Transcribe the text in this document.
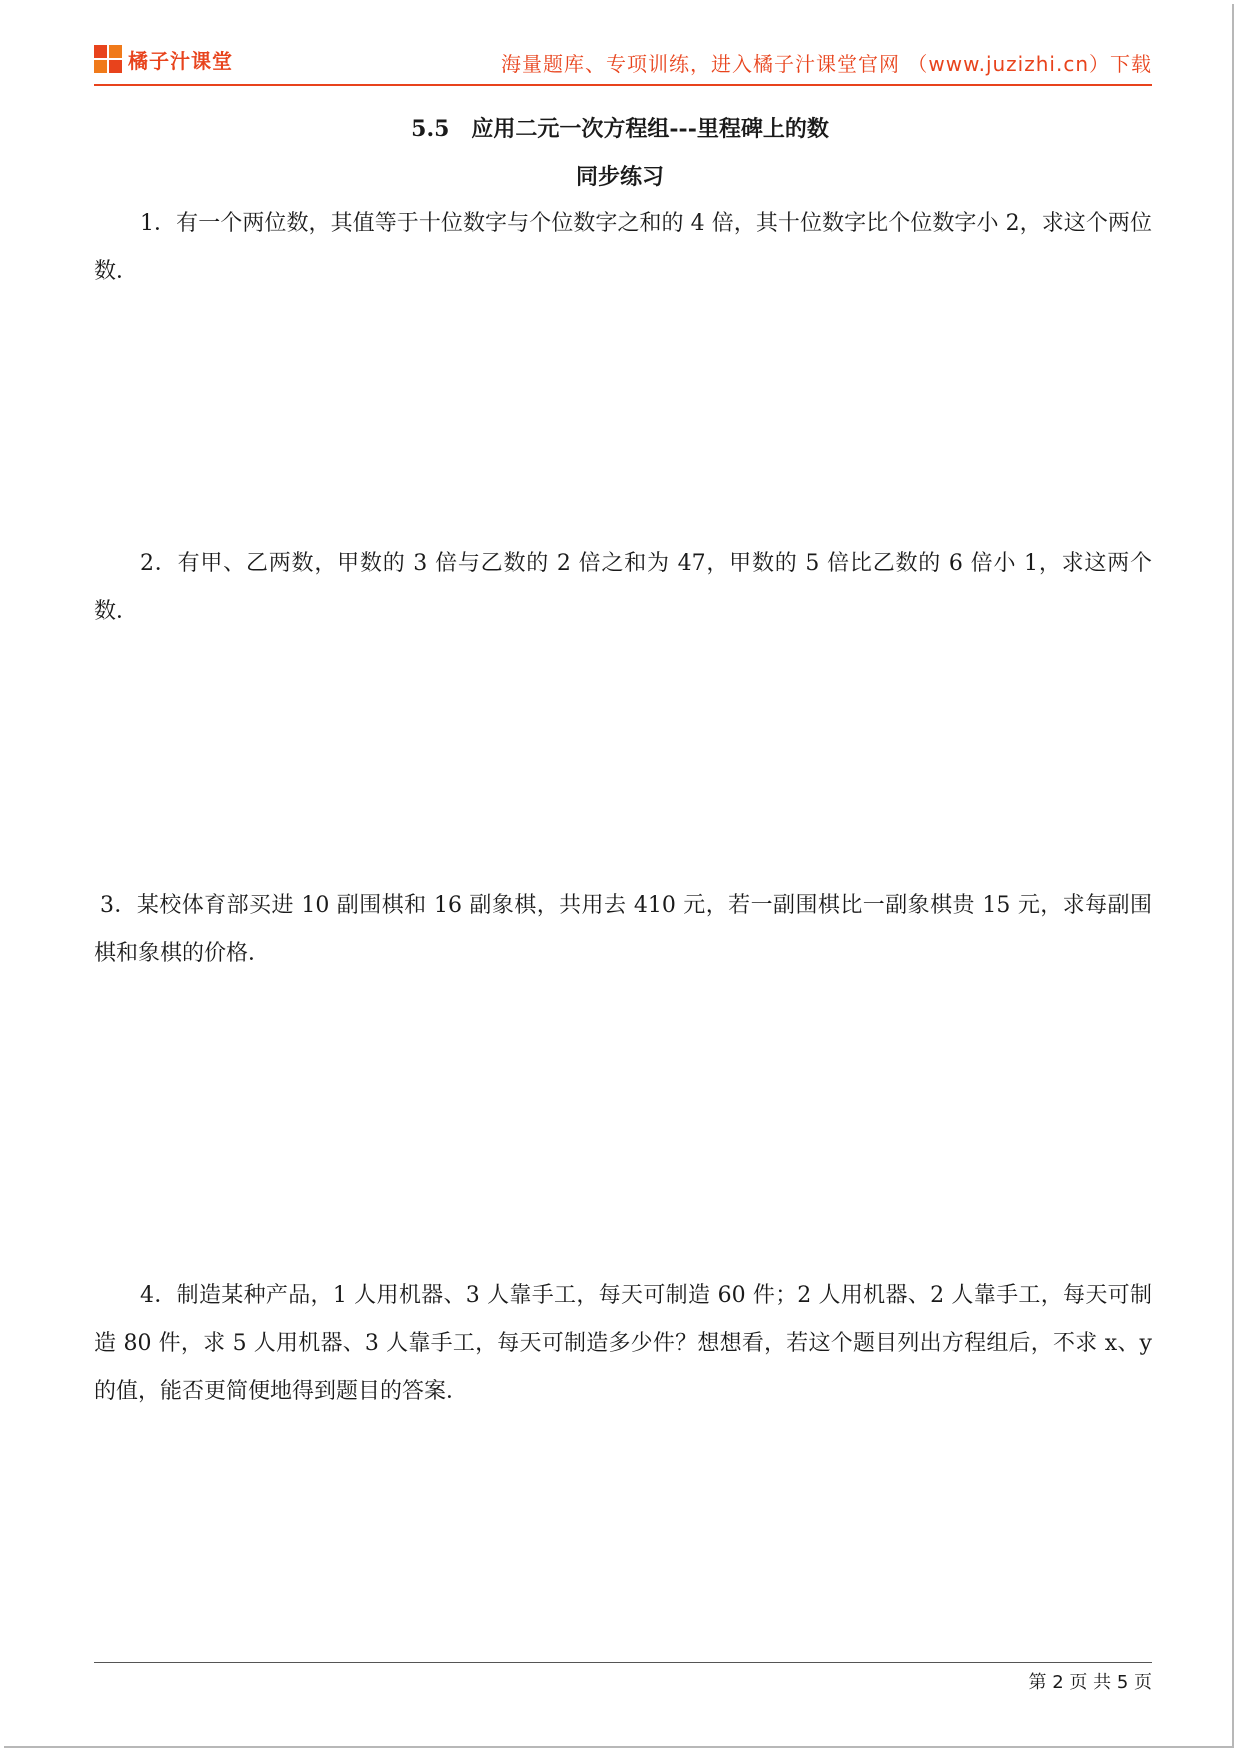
橘子汁课堂	海量题库、专项训练，进入橘子汁课堂官网 （www.juzizhi.cn）下载
5.5　应用二元一次方程组---里程碑上的数
同步练习
1．有一个两位数，其值等于十位数字与个位数字之和的 4 倍，其十位数字比个位数字小 2，求这个两位数．
2．有甲、乙两数，甲数的 3 倍与乙数的 2 倍之和为 47，甲数的 5 倍比乙数的 6 倍小 1，求这两个数．
3．某校体育部买进 10 副围棋和 16 副象棋，共用去 410 元，若一副围棋比一副象棋贵 15 元，求每副围棋和象棋的价格．
4．制造某种产品，1 人用机器、3 人靠手工，每天可制造 60 件；2 人用机器、2 人靠手工，每天可制造 80 件，求 5 人用机器、3 人靠手工，每天可制造多少件？想想看，若这个题目列出方程组后，不求 x、y 的值，能否更简便地得到题目的答案．
第 2 页 共 5 页
